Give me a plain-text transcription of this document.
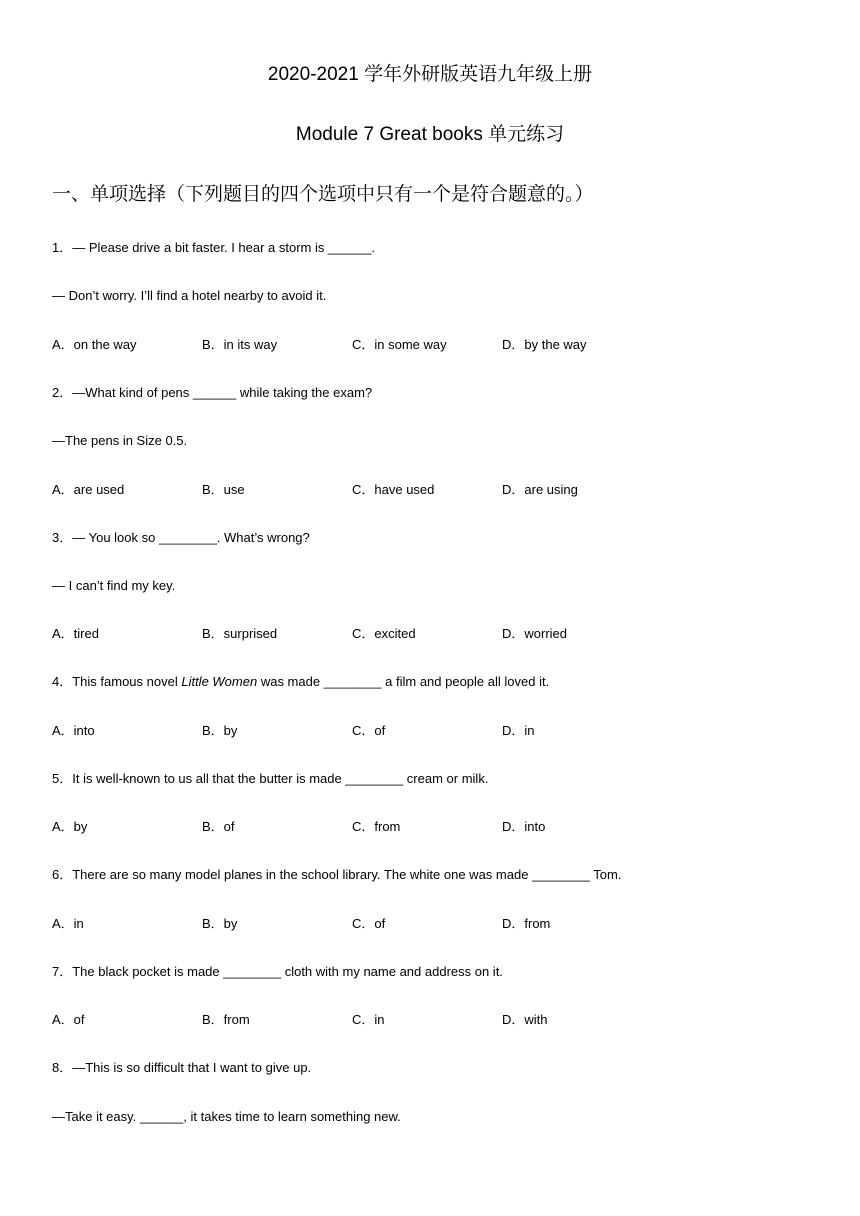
2020-2021 学年外研版英语九年级上册
Module 7 Great books 单元练习
一、单项选择（下列题目的四个选项中只有一个是符合题意的。）
1．— Please drive a bit faster. I hear a storm is ______.
— Don’t worry. I’ll find a hotel nearby to avoid it.
A．on the way	B．in its way	C．in some way	D．by the way
2．—What kind of pens ______ while taking the exam?
—The pens in Size 0.5.
A．are used	B．use	C．have used	D．are using
3．— You look so ________. What’s wrong?
— I can’t find my key.
A．tired	B．surprised	C．excited	D．worried
4．This famous novel Little Women was made ________ a film and people all loved it.
A．into	B．by	C．of	D．in
5．It is well-known to us all that the butter is made ________ cream or milk.
A．by	B．of	C．from	D．into
6．There are so many model planes in the school library. The white one was made ________ Tom.
A．in	B．by	C．of	D．from
7．The black pocket is made ________ cloth with my name and address on it.
A．of	B．from	C．in	D．with
8．—This is so difficult that I want to give up.
—Take it easy. ______, it takes time to learn something new.
